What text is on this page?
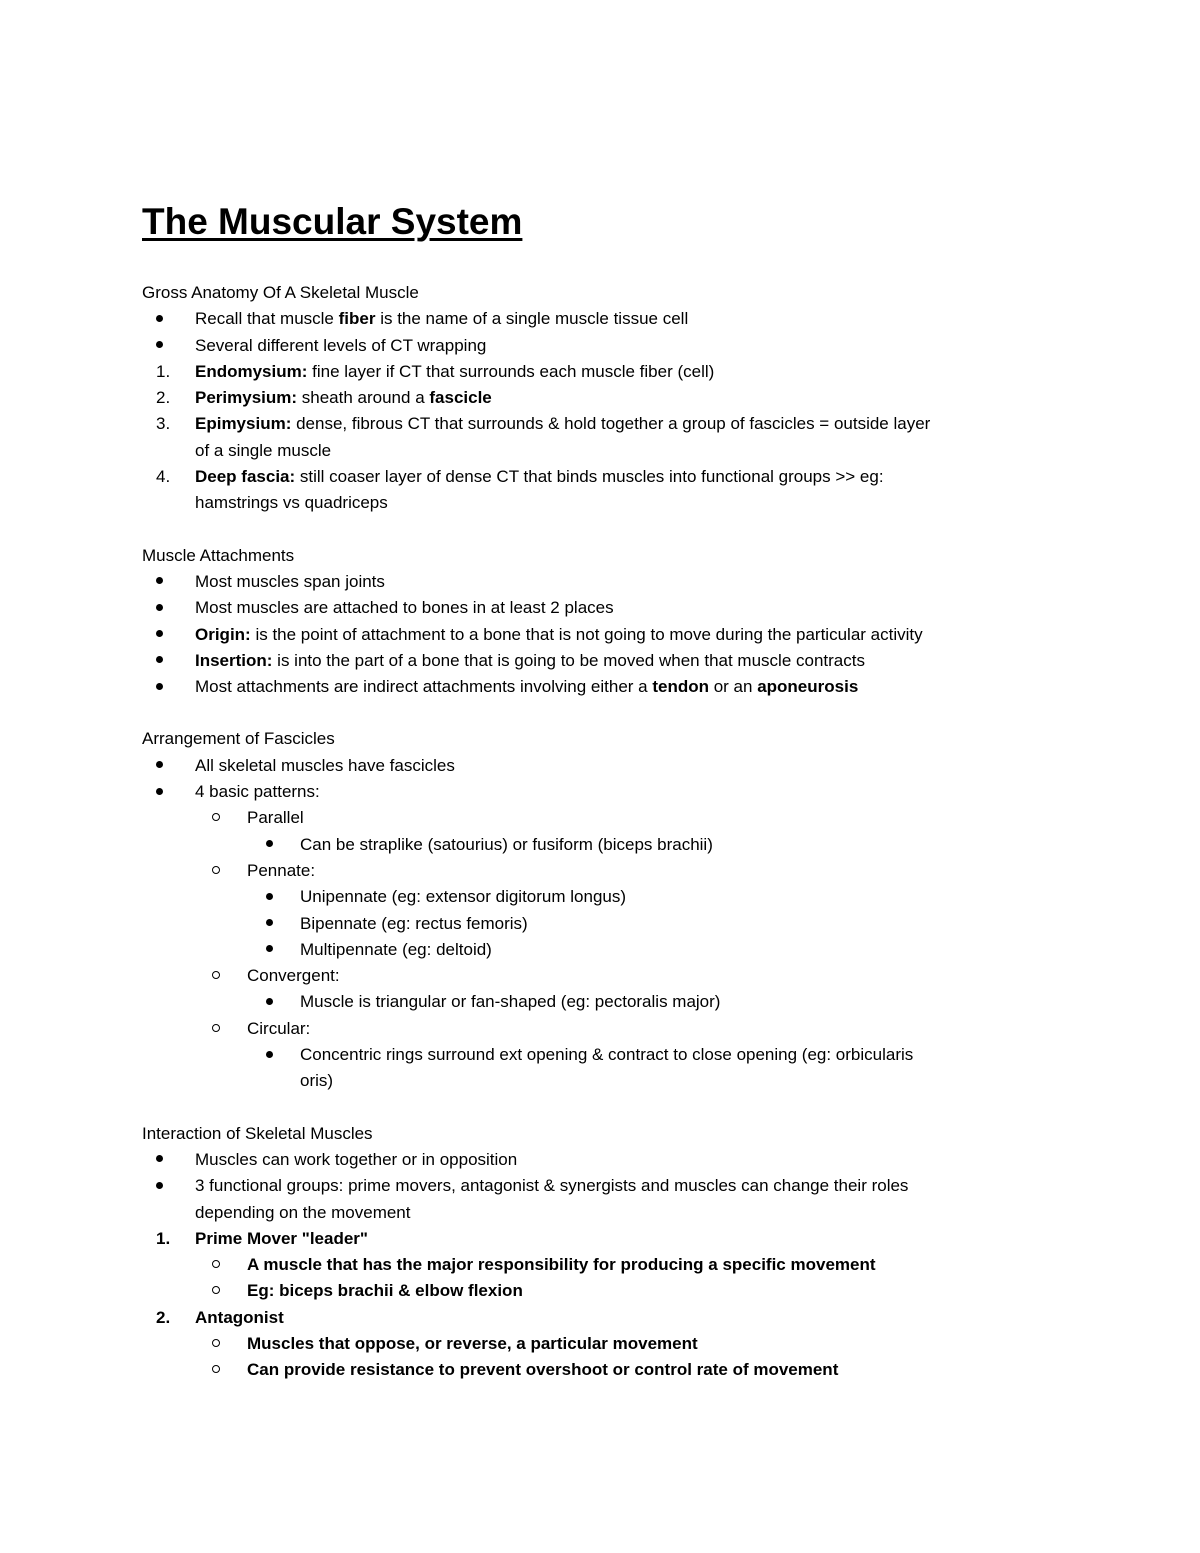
The Muscular System
Gross Anatomy Of A Skeletal Muscle
Recall that muscle fiber is the name of a single muscle tissue cell
Several different levels of CT wrapping
1.	Endomysium: fine layer if CT that surrounds each muscle fiber (cell)
2.	Perimysium: sheath around a fascicle
3.	Epimysium: dense, fibrous CT that surrounds & hold together a group of fascicles = outside layer
of a single muscle
4.	Deep fascia: still coaser layer of dense CT that binds muscles into functional groups >> eg:
hamstrings vs quadriceps
Muscle Attachments
Most muscles span joints
Most muscles are attached to bones in at least 2 places
Origin: is the point of attachment to a bone that is not going to move during the particular activity
Insertion: is into the part of a bone that is going to be moved when that muscle contracts
Most attachments are indirect attachments involving either a tendon or an aponeurosis
Arrangement of Fascicles
All skeletal muscles have fascicles
4 basic patterns:
Parallel
Can be straplike (satourius) or fusiform (biceps brachii)
Pennate:
Unipennate (eg: extensor digitorum longus)
Bipennate (eg: rectus femoris)
Multipennate (eg: deltoid)
Convergent:
Muscle is triangular or fan-shaped (eg: pectoralis major)
Circular:
Concentric rings surround ext opening & contract to close opening (eg: orbicularis
oris)
Interaction of Skeletal Muscles
Muscles can work together or in opposition
3 functional groups: prime movers, antagonist & synergists and muscles can change their roles
depending on the movement
1.	Prime Mover "leader"
A muscle that has the major responsibility for producing a specific movement
Eg: biceps brachii & elbow flexion
2.	Antagonist
Muscles that oppose, or reverse, a particular movement
Can provide resistance to prevent overshoot or control rate of movement
